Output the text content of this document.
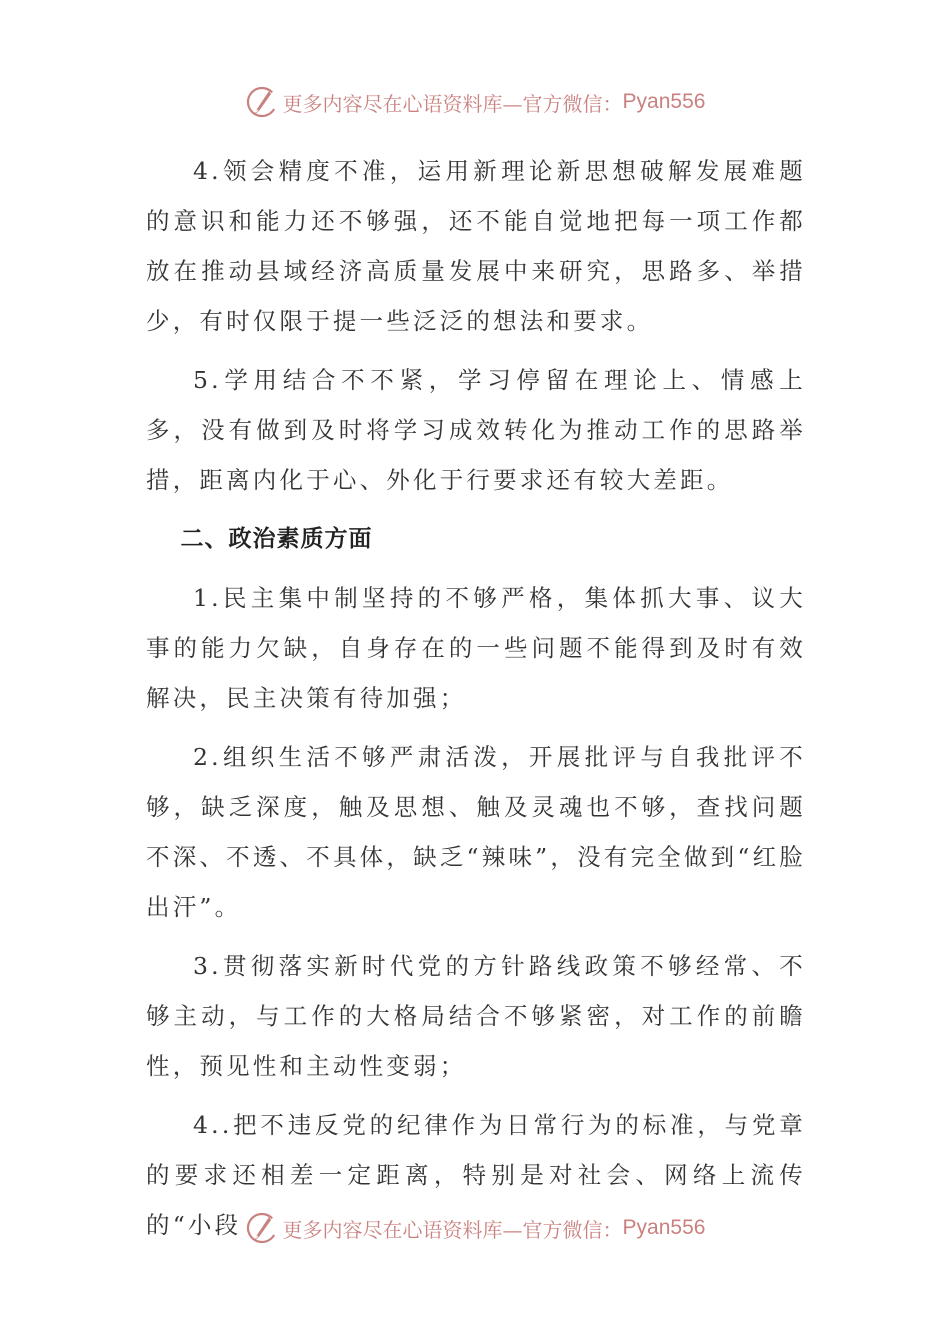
更多内容尽在心语资料库—官方微信： Pyan556

4.领会精度不准，运用新理论新思想破解发展难题的意识和能力还不够强，还不能自觉地把每一项工作都放在推动县域经济高质量发展中来研究，思路多、举措少，有时仅限于提一些泛泛的想法和要求。

5.学用结合不不紧，学习停留在理论上、情感上多，没有做到及时将学习成效转化为推动工作的思路举措，距离内化于心、外化于行要求还有较大差距。

二、政治素质方面

1.民主集中制坚持的不够严格，集体抓大事、议大事的能力欠缺，自身存在的一些问题不能得到及时有效解决，民主决策有待加强；

2.组织生活不够严肃活泼，开展批评与自我批评不够，缺乏深度，触及思想、触及灵魂也不够，查找问题不深、不透、不具体，缺乏“辣味”，没有完全做到“红脸出汗”。

3.贯彻落实新时代党的方针路线政策不够经常、不够主动，与工作的大格局结合不够紧密，对工作的前瞻性，预见性和主动性变弱；

4..把不违反党的纪律作为日常行为的标准，与党章的要求还相差一定距离，特别是对社会、网络上流传的“小段	更多内容尽在心语资料库—官方微信： Pyan556
